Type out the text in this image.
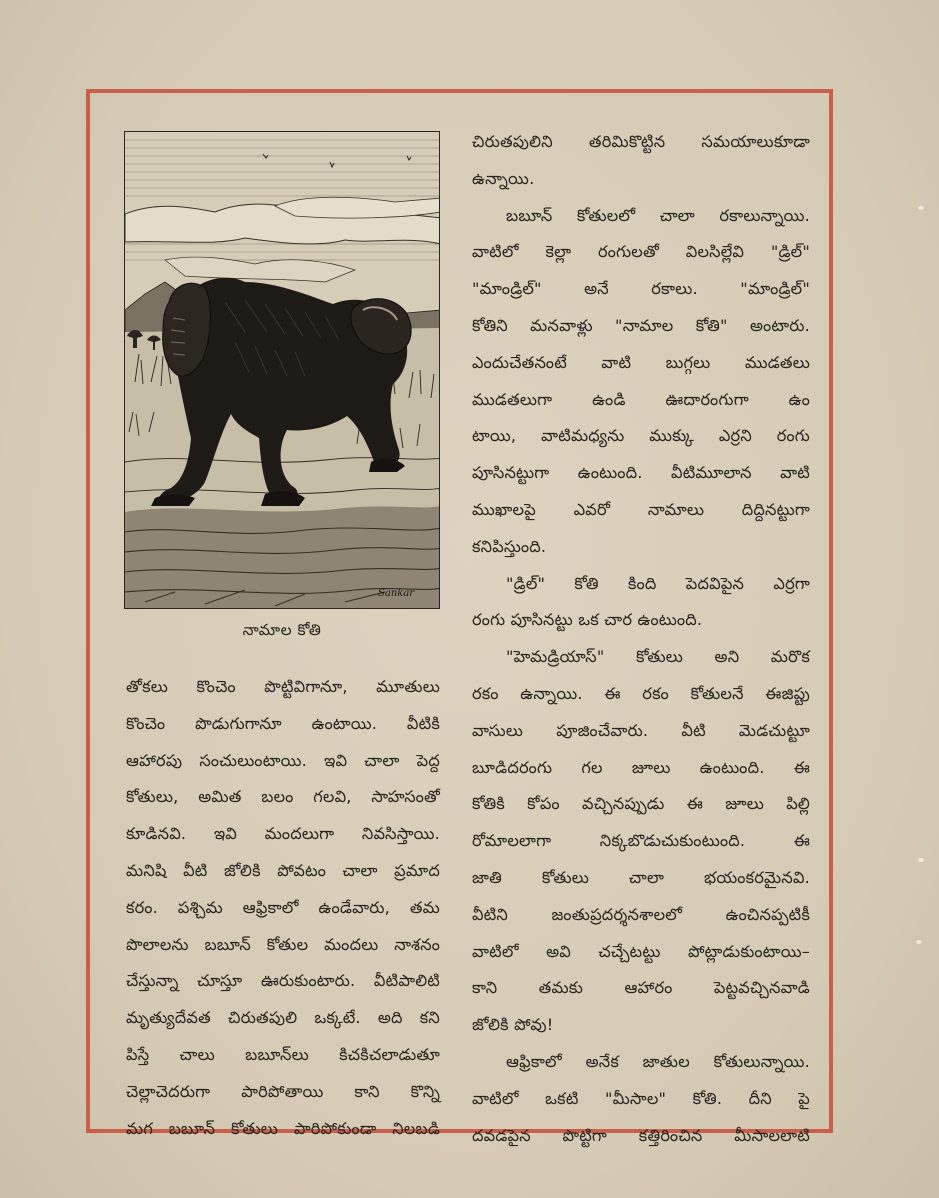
Sankar
నామాల కోతి
చిరుతపులిని తరిమికొట్టిన సమయాలుకూడా
ఉన్నాయి.
బబూన్ కోతులలో చాలా రకాలున్నాయి.
వాటిలో కెల్లా రంగులతో విలసిల్లేవి "డ్రిల్"
"మాండ్రిల్" అనే రకాలు. "మాండ్రిల్"
కోతిని మనవాళ్లు "నామాల కోతి" అంటారు.
ఎందుచేతనంటే వాటి బుగ్గలు ముడతలు
ముడతలుగా ఉండి ఊదారంగుగా ఉం
టాయి, వాటిమధ్యను ముక్కు ఎర్రని రంగు
పూసినట్టుగా ఉంటుంది. వీటిమూలాన వాటి
ముఖాలపై ఎవరో నామాలు దిద్దినట్టుగా
కనిపిస్తుంది.
"డ్రిల్" కోతి కింది పెదవిపైన ఎర్రగా
రంగు పూసినట్టు ఒక చార ఉంటుంది.
"హెమడ్రియాస్" కోతులు అని మరొక
రకం ఉన్నాయి. ఈ రకం కోతులనే ఈజిప్టు
వాసులు పూజించేవారు. వీటి మెడచుట్టూ
బూడిదరంగు గల జూలు ఉంటుంది. ఈ
కోతికి కోపం వచ్చినప్పుడు ఈ జూలు పిల్లి
రోమాలలాగా నిక్కబొడుచుకుంటుంది. ఈ
జాతి కోతులు చాలా భయంకరమైనవి.
వీటిని జంతుప్రదర్శనశాలలో ఉంచినప్పటికీ
వాటిలో అవి చచ్చేటట్టు పోట్లాడుకుంటాయి–
కాని తమకు ఆహారం పెట్టవచ్చినవాడి
జోలికి పోవు!
ఆఫ్రికాలో అనేక జాతుల కోతులున్నాయి.
వాటిలో ఒకటి "మీసాల" కోతి. దీని పై
దవడపైన పొట్టిగా కత్తిరించిన మీసాలలాటి
తోకలు కొంచెం పొట్టివిగానూ, మూతులు
కొంచెం పొడుగుగానూ ఉంటాయి. వీటికి
ఆహారపు సంచులుంటాయి. ఇవి చాలా పెద్ద
కోతులు, అమిత బలం గలవి, సాహసంతో
కూడినవి. ఇవి మందలుగా నివసిస్తాయి.
మనిషి వీటి జోలికి పోవటం చాలా ప్రమాద
కరం. పశ్చిమ ఆఫ్రికాలో ఉండేవారు, తమ
పొలాలను బబూన్ కోతుల మందలు నాశనం
చేస్తున్నా చూస్తూ ఊరుకుంటారు. వీటిపాలిటి
మృత్యుదేవత చిరుతపులి ఒక్కటే. అది కని
పిస్తే చాలు బబూన్‌లు కిచకిచలాడుతూ
చెల్లాచెదరుగా పారిపోతాయి కాని కొన్ని
మగ బబూన్ కోతులు పారిపోకుండా నిలబడి
